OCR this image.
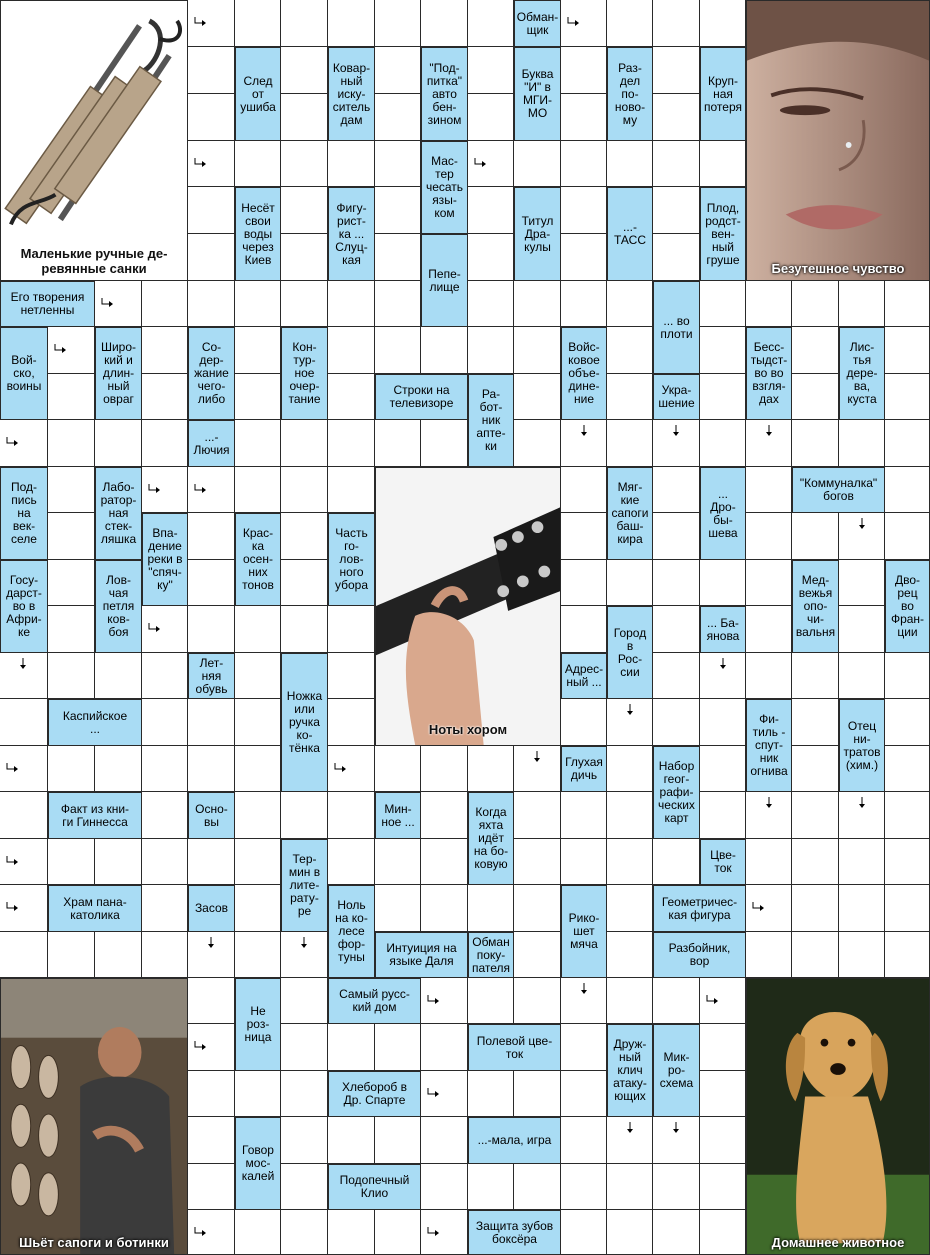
Маленькие ручные де-
ревянные санки	Безутешное чувство
Ноты хором
Шьёт сапоги и ботинки	Домашнее животное
Обман-
щик
След
от
ушиба
Ковар-
ный
иску-
ситель
дам
"Под-
питка"
авто
бен-
зином
Буква
"И" в
МГИ-
МО
Раз-
дел
по-
ново-
му
Круп-
ная
потеря
Мас-
тер
чесать
язы-
ком
Несёт
свои
воды
через
Киев
Фигу-
рист-
ка ...
Слуц-
кая
Титул
Дра-
кулы
...-
ТАСС
Плод,
родст-
вен-
ный
груше
Пепе-
лище
Его творения
нетленны
... во
плоти
Вой-
ско,
воины
Широ-
кий и
длин-
ный
овраг
Со-
дер-
жание
чего-
либо
Кон-
тур-
ное
очер-
тание
Строки на
телевизоре
Ра-
бот-
ник
апте-
ки
Войс-
ковое
объе-
дине-
ние
Укра-
шение
Бесс-
тыдст-
во во
взгля-
дах
Лис-
тья
дере-
ва,
куста
...-
Лючия
Под-
пись
на
век-
селе
Лабо-
ратор-
ная
стек-
ляшка
Мяг-
кие
сапоги
баш-
кира
...
Дро-
бы-
шева
"Коммуналка"
богов
Впа-
дение
реки в
"спяч-
ку"
Крас-
ка
осен-
них
тонов
Часть
го-
лов-
ного
убора
Госу-
дарст-
во в
Афри-
ке
Лов-
чая
петля
ков-
боя
Мед-
вежья
опо-
чи-
вальня
Дво-
рец
во
Фран-
ции
Город
в
Рос-
сии
... Ба-
янова
Лет-
няя
обувь
Ножка
или
ручка
ко-
тёнка
Адрес-
ный ...
Каспийское
...
Фи-
тиль -
спут-
ник
огнива
Отец
ни-
тратов
(хим.)
Набор
геог-
рафи-
ческих
карт
Глухая
дичь
Факт из кни-
ги Гиннесса
Осно-
вы
Мин-
ное ...
Когда
яхта
идёт
на бо-
ковую
Тер-
мин в
лите-
рату-
ре
Цве-
ток
Храм пана-
католика	Засов	Ноль
на ко-
лесе
фор-
туны
Рико-
шет
мяча
Геометричес-
кая фигура
Интуиция на
языке Даля
Обман
поку-
пателя
Разбойник,
вор
Не
роз-
ница
Самый русс-
кий дом
Полевой цве-
ток
Друж-
ный
клич
атаку-
ющих
Мик-
ро-
схема
Хлебороб в
Др. Спарте
Говор
мос-
калей
...-мала, игра
Подопечный
Клио
Защита зубов
боксёра
